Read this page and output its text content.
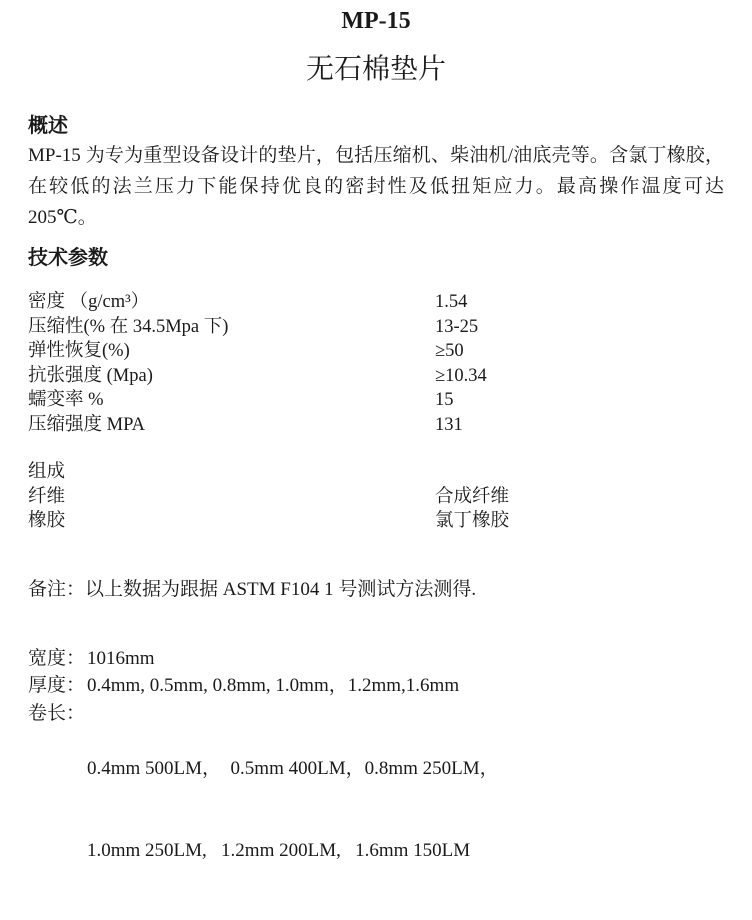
MP-15
无石棉垫片
概述
MP-15 为专为重型设备设计的垫片，包括压缩机、柴油机/油底壳等。含氯丁橡胶，在较低的法兰压力下能保持优良的密封性及低扭矩应力。最高操作温度可达 205℃。
技术参数
密度 （g/cm³）	1.54
压缩性(% 在 34.5Mpa 下)	13-25
弹性恢复(%)	≥50
抗张强度 (Mpa)	≥10.34
蠕变率 %	15
压缩强度 MPA	131
组成
纤维	合成纤维
橡胶	氯丁橡胶
备注：以上数据为跟据 ASTM F104 1 号测试方法测得.
宽度： 1016mm
厚度： 0.4mm, 0.5mm, 0.8mm, 1.0mm，1.2mm,1.6mm
卷长：

0.4mm 500LM，  0.5mm 400LM，0.8mm 250LM，

1.0mm 250LM,   1.2mm 200LM,   1.6mm 150LM
